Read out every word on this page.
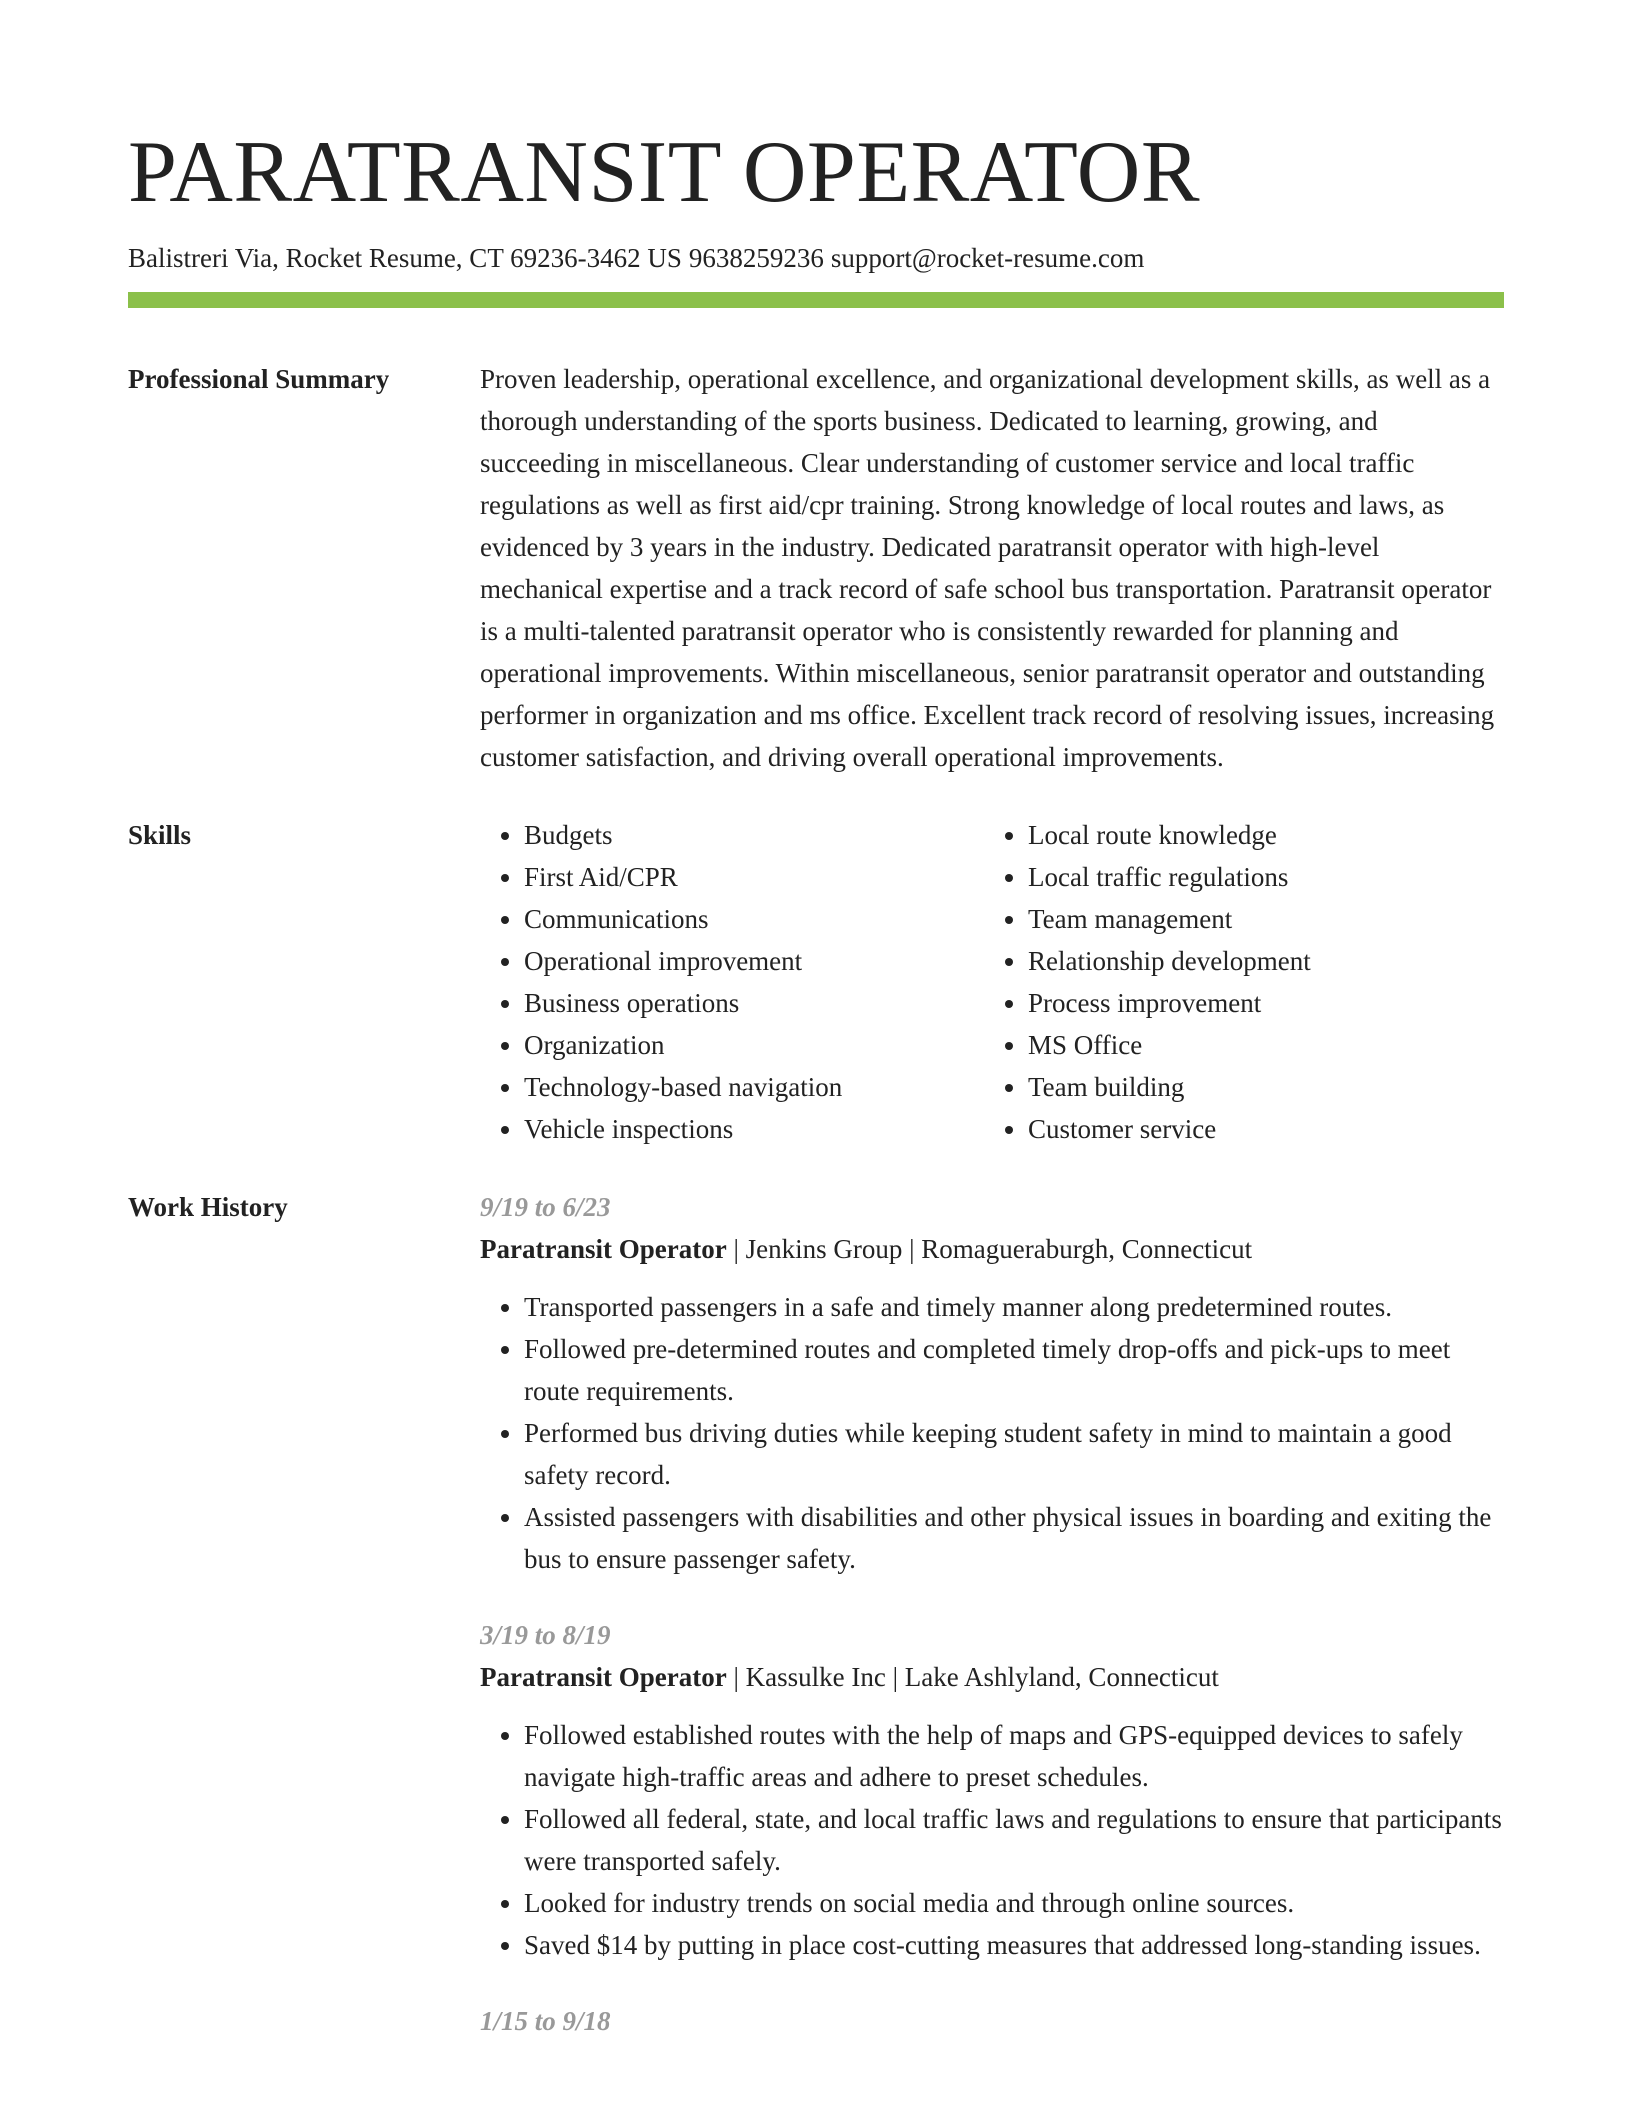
PARATRANSIT OPERATOR
Balistreri Via, Rocket Resume, CT 69236-3462 US 9638259236 support@rocket-resume.com
Professional Summary	Proven leadership, operational excellence, and organizational development skills, as well as a thorough understanding of the sports business. Dedicated to learning, growing, and succeeding in miscellaneous. Clear understanding of customer service and local traffic regulations as well as first aid/cpr training. Strong knowledge of local routes and laws, as evidenced by 3 years in the industry. Dedicated paratransit operator with high-level mechanical expertise and a track record of safe school bus transportation. Paratransit operator is a multi-talented paratransit operator who is consistently rewarded for planning and operational improvements. Within miscellaneous, senior paratransit operator and outstanding performer in organization and ms office. Excellent track record of resolving issues, increasing customer satisfaction, and driving overall operational improvements.

Skills
•	Budgets
• First Aid/CPR
• Communications
• Operational improvement
• Business operations
• Organization
• Technology-based navigation
• Vehicle inspections
• Local route knowledge
• Local traffic regulations
• Team management
• Relationship development
• Process improvement
• MS Office
• Team building
• Customer service
Work History	9/19 to 6/23
Paratransit Operator | Jenkins Group | Romagueraburgh, Connecticut
• Transported passengers in a safe and timely manner along predetermined routes.
• Followed pre-determined routes and completed timely drop-offs and pick-ups to meet route requirements.
• Performed bus driving duties while keeping student safety in mind to maintain a good safety record.
• Assisted passengers with disabilities and other physical issues in boarding and exiting the bus to ensure passenger safety.
3/19 to 8/19
Paratransit Operator | Kassulke Inc | Lake Ashlyland, Connecticut
• Followed established routes with the help of maps and GPS-equipped devices to safely navigate high-traffic areas and adhere to preset schedules.
• Followed all federal, state, and local traffic laws and regulations to ensure that participants were transported safely.
• Looked for industry trends on social media and through online sources.
• Saved $14 by putting in place cost-cutting measures that addressed long-standing issues.
1/15 to 9/18
